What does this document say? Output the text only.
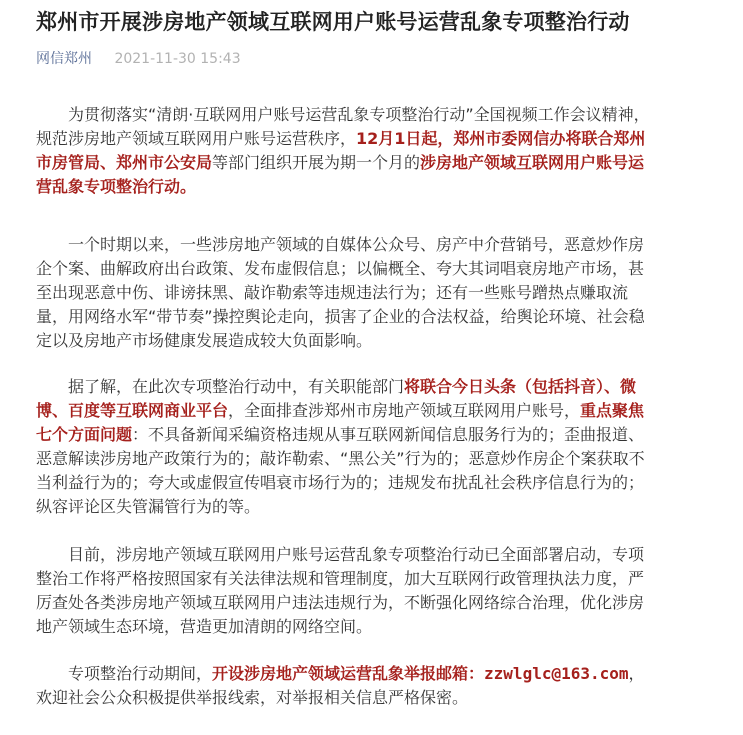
郑州市开展涉房地产领域互联网用户账号运营乱象专项整治行动
网信郑州 2021-11-30 15:43

　　为贯彻落实“清朗·互联网用户账号运营乱象专项整治行动”全国视频工作会议精神，
规范涉房地产领域互联网用户账号运营秩序，12月1日起，郑州市委网信办将联合郑州
市房管局、郑州市公安局等部门组织开展为期一个月的涉房地产领域互联网用户账号运
营乱象专项整治行动。

　　一个时期以来，一些涉房地产领域的自媒体公众号、房产中介营销号，恶意炒作房
企个案、曲解政府出台政策、发布虚假信息；以偏概全、夸大其词唱衰房地产市场，甚
至出现恶意中伤、诽谤抹黑、敲诈勒索等违规违法行为；还有一些账号蹭热点赚取流
量，用网络水军“带节奏”操控舆论走向，损害了企业的合法权益，给舆论环境、社会稳
定以及房地产市场健康发展造成较大负面影响。

　　据了解，在此次专项整治行动中，有关职能部门将联合今日头条（包括抖音）、微
博、百度等互联网商业平台，全面排查涉郑州市房地产领域互联网用户账号，重点聚焦
七个方面问题：不具备新闻采编资格违规从事互联网新闻信息服务行为的；歪曲报道、
恶意解读涉房地产政策行为的；敲诈勒索、“黑公关”行为的；恶意炒作房企个案获取不
当利益行为的；夸大或虚假宣传唱衰市场行为的；违规发布扰乱社会秩序信息行为的；
纵容评论区失管漏管行为的等。

　　目前，涉房地产领域互联网用户账号运营乱象专项整治行动已全面部署启动，专项
整治工作将严格按照国家有关法律法规和管理制度，加大互联网行政管理执法力度，严
厉查处各类涉房地产领域互联网用户违法违规行为，不断强化网络综合治理，优化涉房
地产领域生态环境，营造更加清朗的网络空间。

　　专项整治行动期间，开设涉房地产领域运营乱象举报邮箱：zzwlglc@163.com，
欢迎社会公众积极提供举报线索，对举报相关信息严格保密。
